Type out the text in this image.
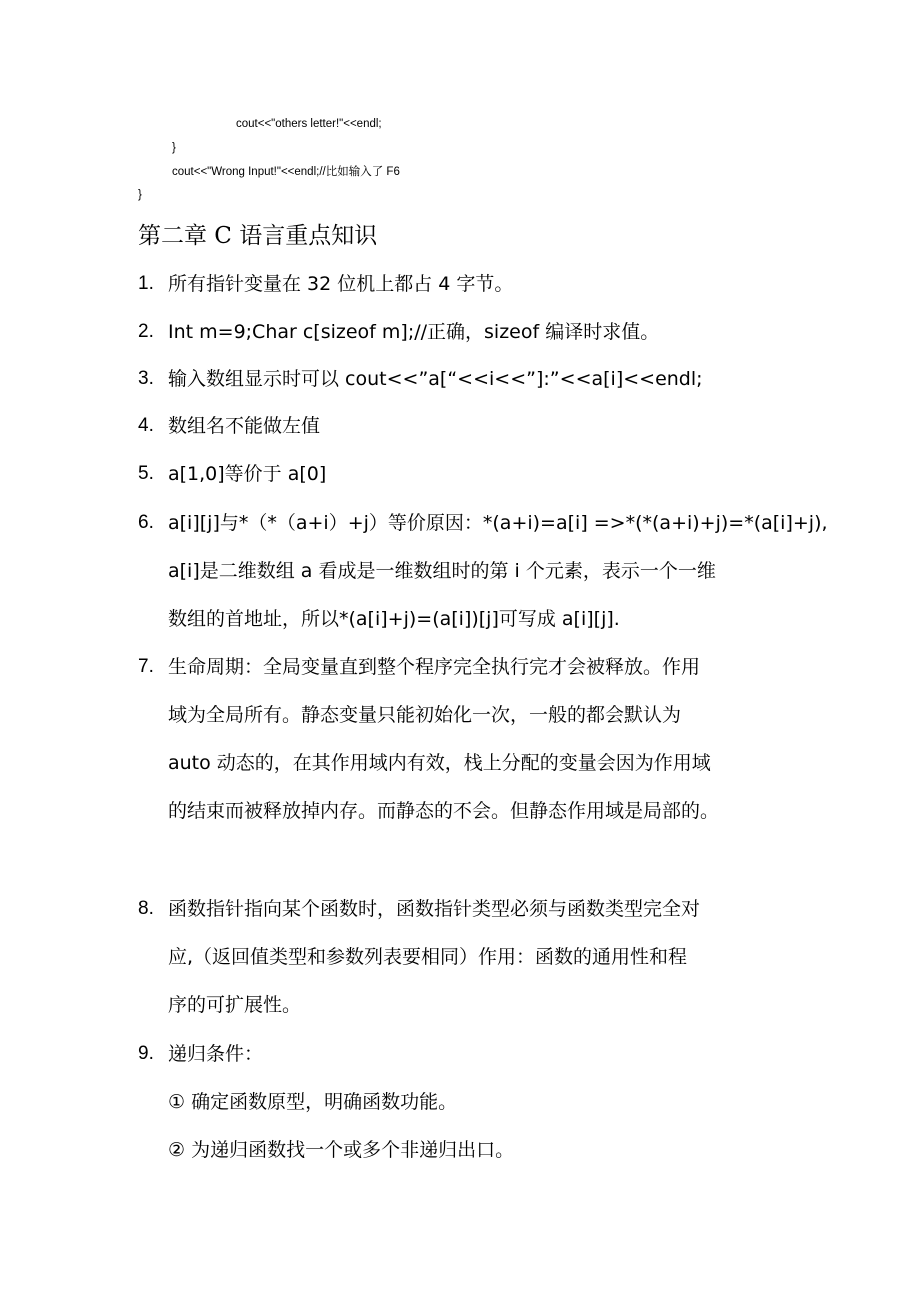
cout<<"others letter!"<<endl;
}
cout<<"Wrong Input!"<<endl;//比如输入了 F6
}
第二章 C 语言重点知识
1. 所有指针变量在 32 位机上都占 4 字节。
2. Int m=9;Char c[sizeof m];//正确，sizeof 编译时求值。
3. 输入数组显示时可以 cout<<”a[“<<i<<”]:”<<a[i]<<endl;
4. 数组名不能做左值
5. a[1,0]等价于 a[0]
6. a[i][j]与*（*（a+i）+j）等价原因：*(a+i)=a[i] =>*(*(a+i)+j)=*(a[i]+j),
a[i]是二维数组 a 看成是一维数组时的第 i 个元素，表示一个一维
数组的首地址，所以*(a[i]+j)=(a[i])[j]可写成 a[i][j].
7. 生命周期：全局变量直到整个程序完全执行完才会被释放。作用
域为全局所有。静态变量只能初始化一次，一般的都会默认为
auto 动态的，在其作用域内有效，栈上分配的变量会因为作用域
的结束而被释放掉内存。而静态的不会。但静态作用域是局部的。
8. 函数指针指向某个函数时，函数指针类型必须与函数类型完全对
应,（返回值类型和参数列表要相同）作用：函数的通用性和程
序的可扩展性。
9. 递归条件：
① 确定函数原型，明确函数功能。
② 为递归函数找一个或多个非递归出口。
